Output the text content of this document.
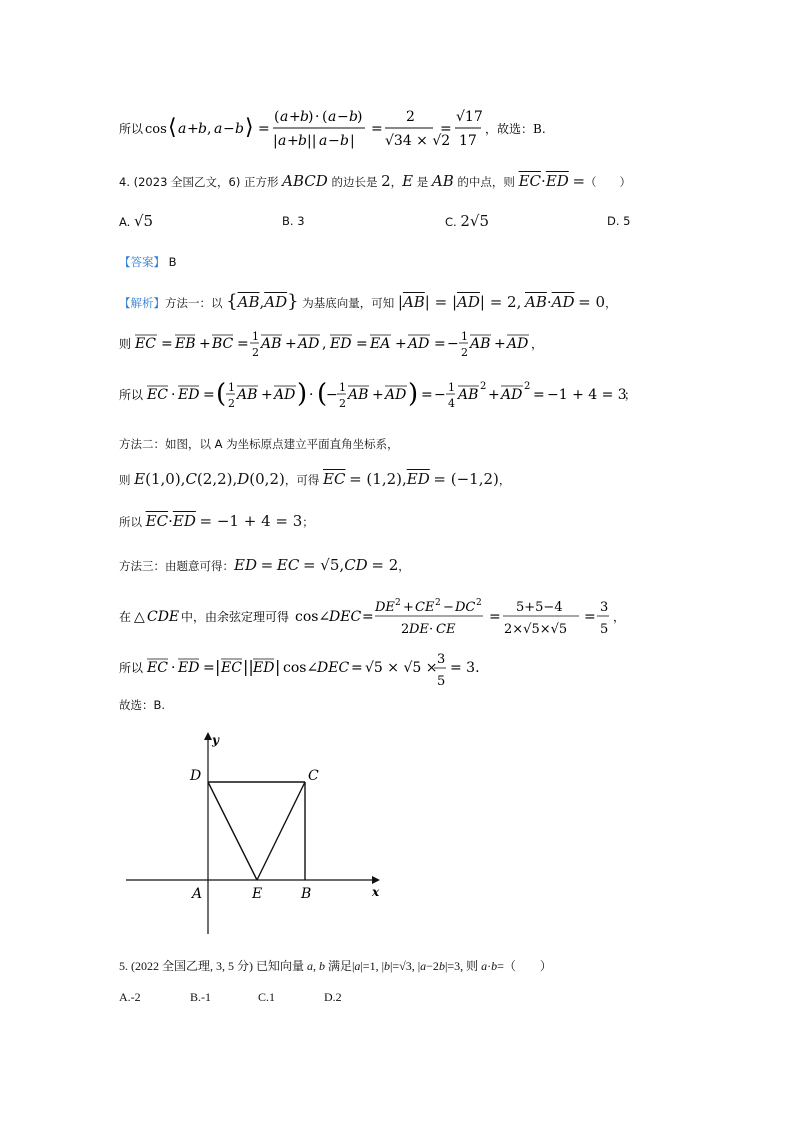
所以 cos ⟨ a + b , a − b ⟩ =
( a + b ) · ( a − b )
| a + b || a − b |
=
2
√34 × √2
=
√17
17
，故选：B.
4. (2023 全国乙文，6) 正方形 ABCD 的边长是 2，E 是 AB 的中点，则 $\overline{EC}\cdot\overline{ED}$ =（　　）
A. √5	B. 3	C. 2√5	D. 5
【答案】 B
【解析】方法一：以 $\{\overline{AB},\overline{AD}\}$ 为基底向量，可知 $|\overline{AB}| = |\overline{AD}| = 2$, $\overline{AB}\cdot\overline{AD} = 0$，
则 EC = EB + BC = 1
2
AB + AD , ED = EA + AD = − 1
2
AB + AD ，
所以 EC · ED = ( 1
2
AB + AD ) · (
− 1
2
AB + AD ) = − 1
4
AB
2
+ AD
2
= −1 + 4 = 3
；
方法二：如图，以 A 为坐标原点建立平面直角坐标系，
则 E(1,0),C(2,2),D(0,2)，可得 $\overline{EC} = (1,2),\overline{ED} = (-1,2)$，
所以 $\overline{EC}\cdot\overline{ED} = -1 + 4 = 3$；
方法三：由题意可得：ED = EC = √5,CD = 2，
在 △ CDE 中，由余弦定理可得 cos∠
DEC =
DE 2 + CE 2 − DC 2
2 DE · CE
=
5+5−4
2×√5×√5
=
3
5
，
所以 EC · ED = | EC || ED | cos∠
DEC = √5 × √5 ×
3
5
= 3.
故选：B.
y
x
D	C
A	E	B
5. (2022 全国乙理, 3, 5 分) 已知向量 a, b 满足|a|=1, |b|=√3, |a−2b|=3, 则 a·b=（　　）
A.-2	B.-1	C.1	D.2
